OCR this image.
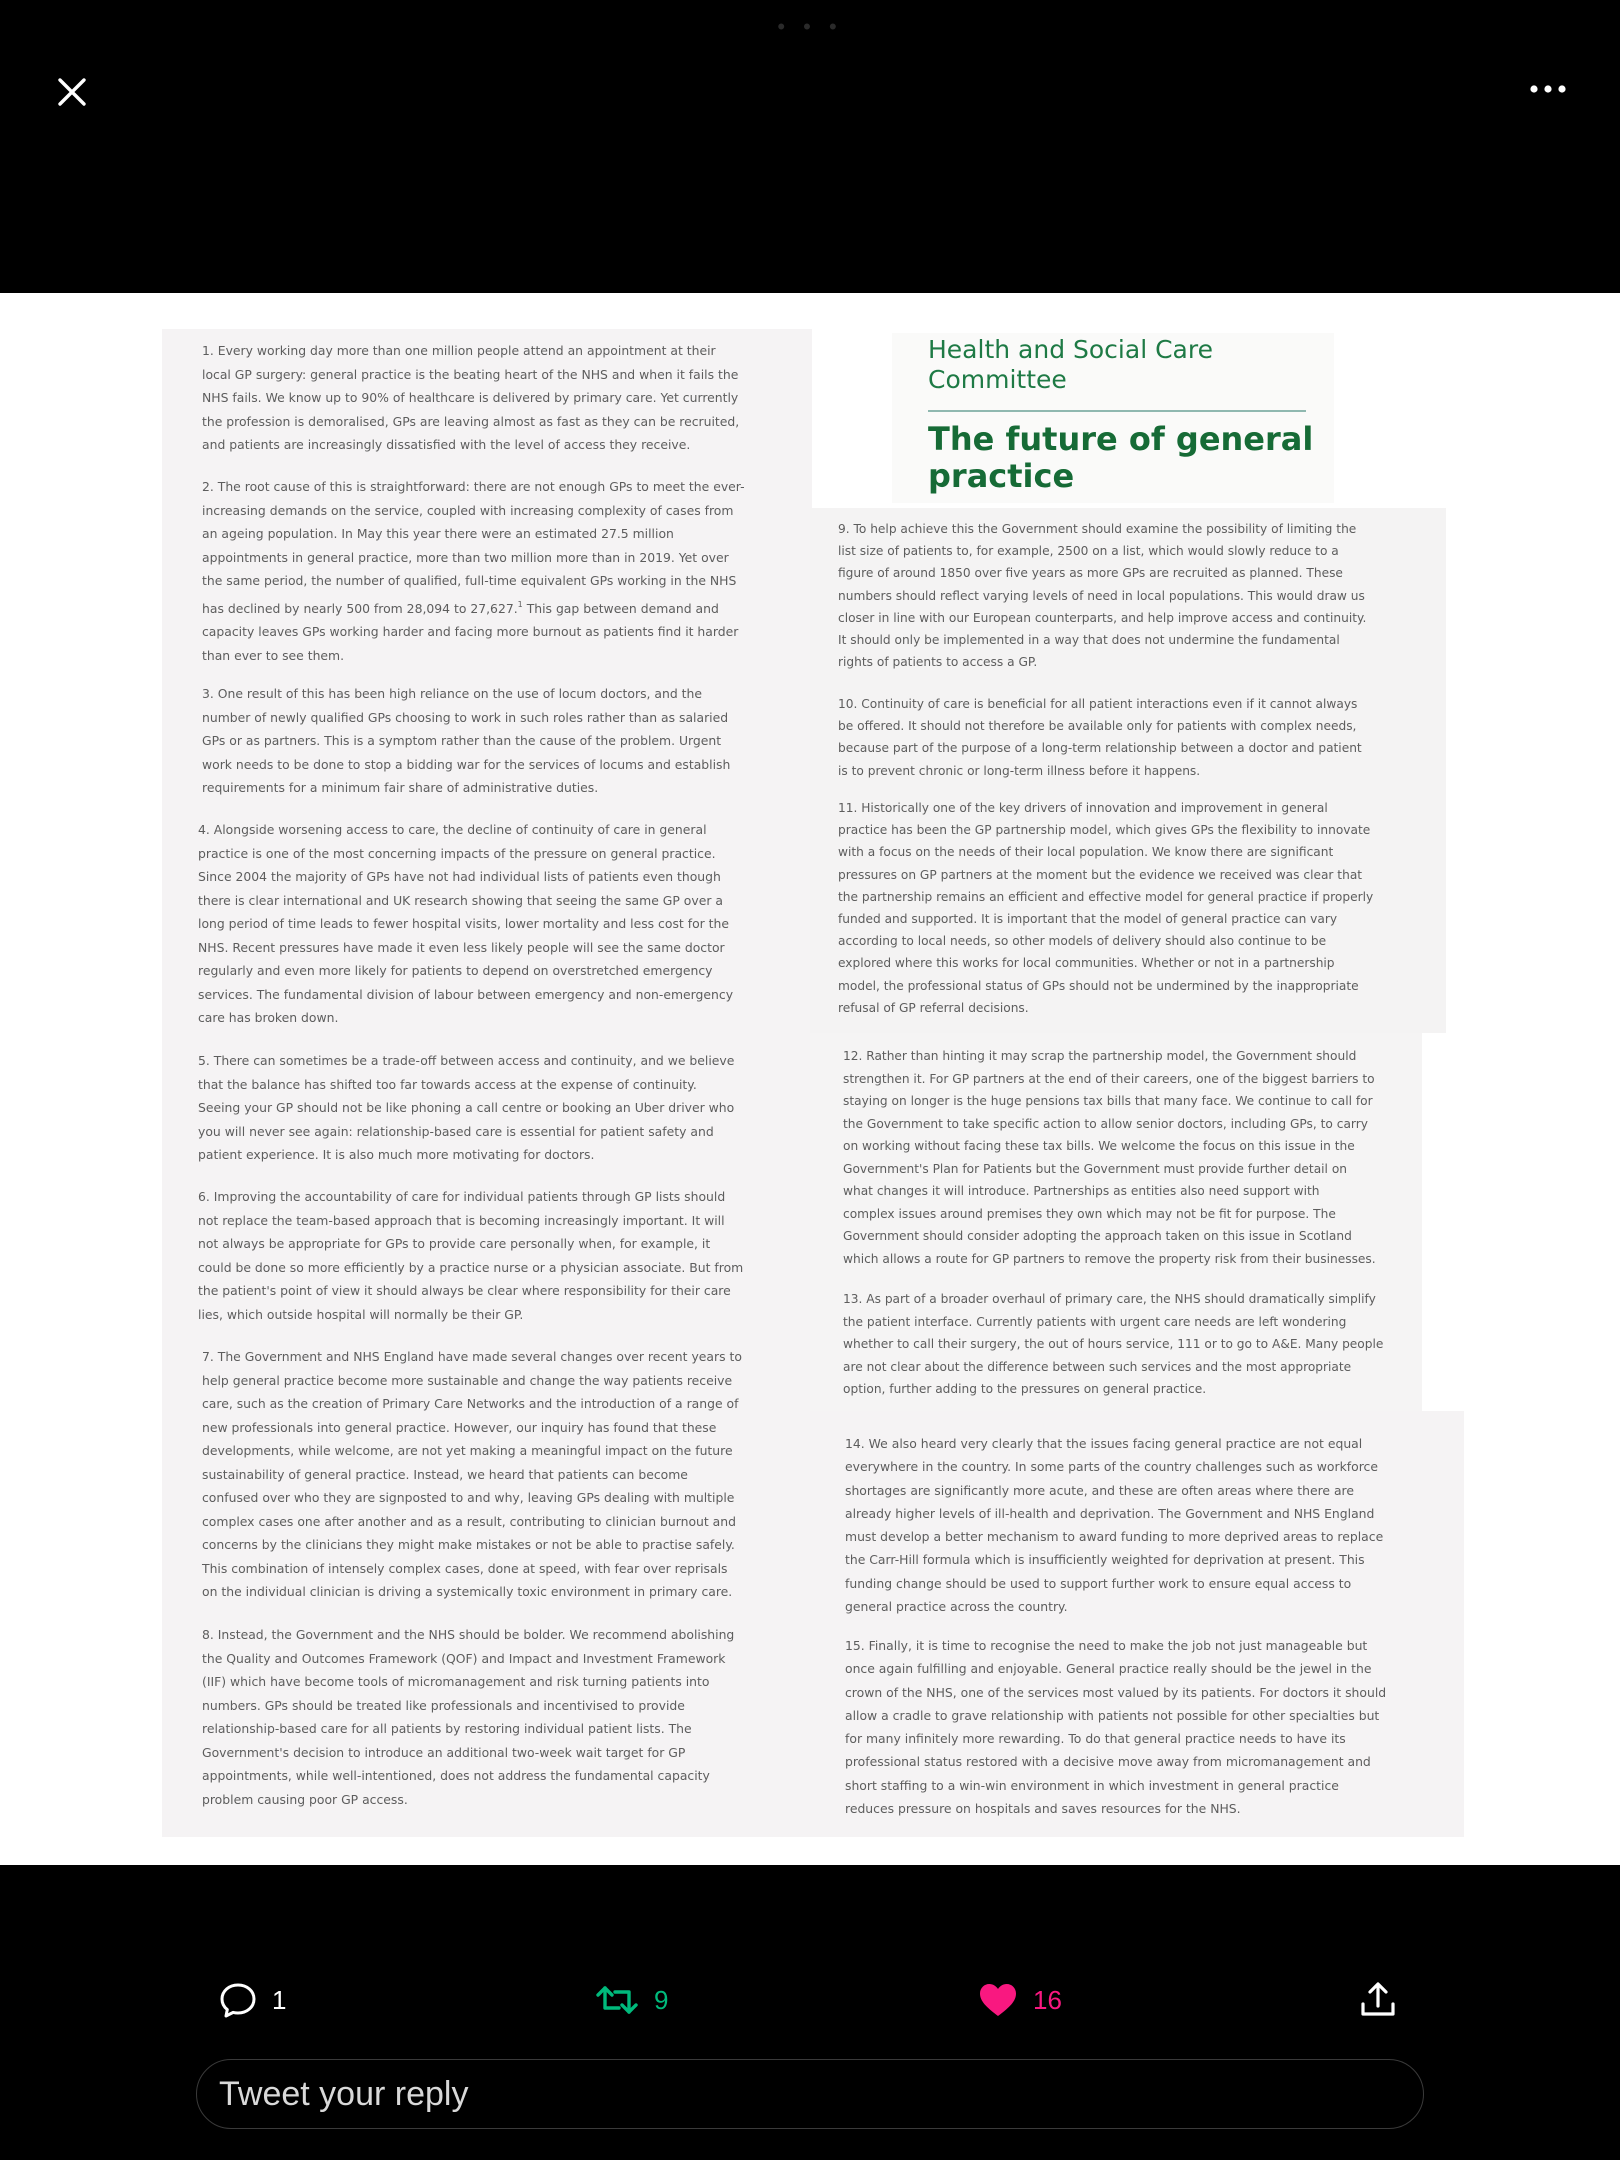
• • •
Health and Social Care
Committee
The future of general
practice
1. Every working day more than one million people attend an appointment at their
local GP surgery: general practice is the beating heart of the NHS and when it fails the
NHS fails. We know up to 90% of healthcare is delivered by primary care. Yet currently
the profession is demoralised, GPs are leaving almost as fast as they can be recruited,
and patients are increasingly dissatisfied with the level of access they receive.
2. The root cause of this is straightforward: there are not enough GPs to meet the ever-
increasing demands on the service, coupled with increasing complexity of cases from
an ageing population. In May this year there were an estimated 27.5 million
appointments in general practice, more than two million more than in 2019. Yet over
the same period, the number of qualified, full-time equivalent GPs working in the NHS
has declined by nearly 500 from 28,094 to 27,627.$^1$ This gap between demand and
capacity leaves GPs working harder and facing more burnout as patients find it harder
than ever to see them.
3. One result of this has been high reliance on the use of locum doctors, and the
number of newly qualified GPs choosing to work in such roles rather than as salaried
GPs or as partners. This is a symptom rather than the cause of the problem. Urgent
work needs to be done to stop a bidding war for the services of locums and establish
requirements for a minimum fair share of administrative duties.
4. Alongside worsening access to care, the decline of continuity of care in general
practice is one of the most concerning impacts of the pressure on general practice.
Since 2004 the majority of GPs have not had individual lists of patients even though
there is clear international and UK research showing that seeing the same GP over a
long period of time leads to fewer hospital visits, lower mortality and less cost for the
NHS. Recent pressures have made it even less likely people will see the same doctor
regularly and even more likely for patients to depend on overstretched emergency
services. The fundamental division of labour between emergency and non-emergency
care has broken down.
5. There can sometimes be a trade-off between access and continuity, and we believe
that the balance has shifted too far towards access at the expense of continuity.
Seeing your GP should not be like phoning a call centre or booking an Uber driver who
you will never see again: relationship-based care is essential for patient safety and
patient experience. It is also much more motivating for doctors.
6. Improving the accountability of care for individual patients through GP lists should
not replace the team-based approach that is becoming increasingly important. It will
not always be appropriate for GPs to provide care personally when, for example, it
could be done so more efficiently by a practice nurse or a physician associate. But from
the patient's point of view it should always be clear where responsibility for their care
lies, which outside hospital will normally be their GP.
7. The Government and NHS England have made several changes over recent years to
help general practice become more sustainable and change the way patients receive
care, such as the creation of Primary Care Networks and the introduction of a range of
new professionals into general practice. However, our inquiry has found that these
developments, while welcome, are not yet making a meaningful impact on the future
sustainability of general practice. Instead, we heard that patients can become
confused over who they are signposted to and why, leaving GPs dealing with multiple
complex cases one after another and as a result, contributing to clinician burnout and
concerns by the clinicians they might make mistakes or not be able to practise safely.
This combination of intensely complex cases, done at speed, with fear over reprisals
on the individual clinician is driving a systemically toxic environment in primary care.
8. Instead, the Government and the NHS should be bolder. We recommend abolishing
the Quality and Outcomes Framework (QOF) and Impact and Investment Framework
(IIF) which have become tools of micromanagement and risk turning patients into
numbers. GPs should be treated like professionals and incentivised to provide
relationship-based care for all patients by restoring individual patient lists. The
Government's decision to introduce an additional two-week wait target for GP
appointments, while well-intentioned, does not address the fundamental capacity
problem causing poor GP access.
9. To help achieve this the Government should examine the possibility of limiting the
list size of patients to, for example, 2500 on a list, which would slowly reduce to a
figure of around 1850 over five years as more GPs are recruited as planned. These
numbers should reflect varying levels of need in local populations. This would draw us
closer in line with our European counterparts, and help improve access and continuity.
It should only be implemented in a way that does not undermine the fundamental
rights of patients to access a GP.
10. Continuity of care is beneficial for all patient interactions even if it cannot always
be offered. It should not therefore be available only for patients with complex needs,
because part of the purpose of a long-term relationship between a doctor and patient
is to prevent chronic or long-term illness before it happens.
11. Historically one of the key drivers of innovation and improvement in general
practice has been the GP partnership model, which gives GPs the flexibility to innovate
with a focus on the needs of their local population. We know there are significant
pressures on GP partners at the moment but the evidence we received was clear that
the partnership remains an efficient and effective model for general practice if properly
funded and supported. It is important that the model of general practice can vary
according to local needs, so other models of delivery should also continue to be
explored where this works for local communities. Whether or not in a partnership
model, the professional status of GPs should not be undermined by the inappropriate
refusal of GP referral decisions.
12. Rather than hinting it may scrap the partnership model, the Government should
strengthen it. For GP partners at the end of their careers, one of the biggest barriers to
staying on longer is the huge pensions tax bills that many face. We continue to call for
the Government to take specific action to allow senior doctors, including GPs, to carry
on working without facing these tax bills. We welcome the focus on this issue in the
Government's Plan for Patients but the Government must provide further detail on
what changes it will introduce. Partnerships as entities also need support with
complex issues around premises they own which may not be fit for purpose. The
Government should consider adopting the approach taken on this issue in Scotland
which allows a route for GP partners to remove the property risk from their businesses.
13. As part of a broader overhaul of primary care, the NHS should dramatically simplify
the patient interface. Currently patients with urgent care needs are left wondering
whether to call their surgery, the out of hours service, 111 or to go to A&E. Many people
are not clear about the difference between such services and the most appropriate
option, further adding to the pressures on general practice.
14. We also heard very clearly that the issues facing general practice are not equal
everywhere in the country. In some parts of the country challenges such as workforce
shortages are significantly more acute, and these are often areas where there are
already higher levels of ill-health and deprivation. The Government and NHS England
must develop a better mechanism to award funding to more deprived areas to replace
the Carr-Hill formula which is insufficiently weighted for deprivation at present. This
funding change should be used to support further work to ensure equal access to
general practice across the country.
15. Finally, it is time to recognise the need to make the job not just manageable but
once again fulfilling and enjoyable. General practice really should be the jewel in the
crown of the NHS, one of the services most valued by its patients. For doctors it should
allow a cradle to grave relationship with patients not possible for other specialties but
for many infinitely more rewarding. To do that general practice needs to have its
professional status restored with a decisive move away from micromanagement and
short staffing to a win-win environment in which investment in general practice
reduces pressure on hospitals and saves resources for the NHS.
1	9	16
Tweet your reply
